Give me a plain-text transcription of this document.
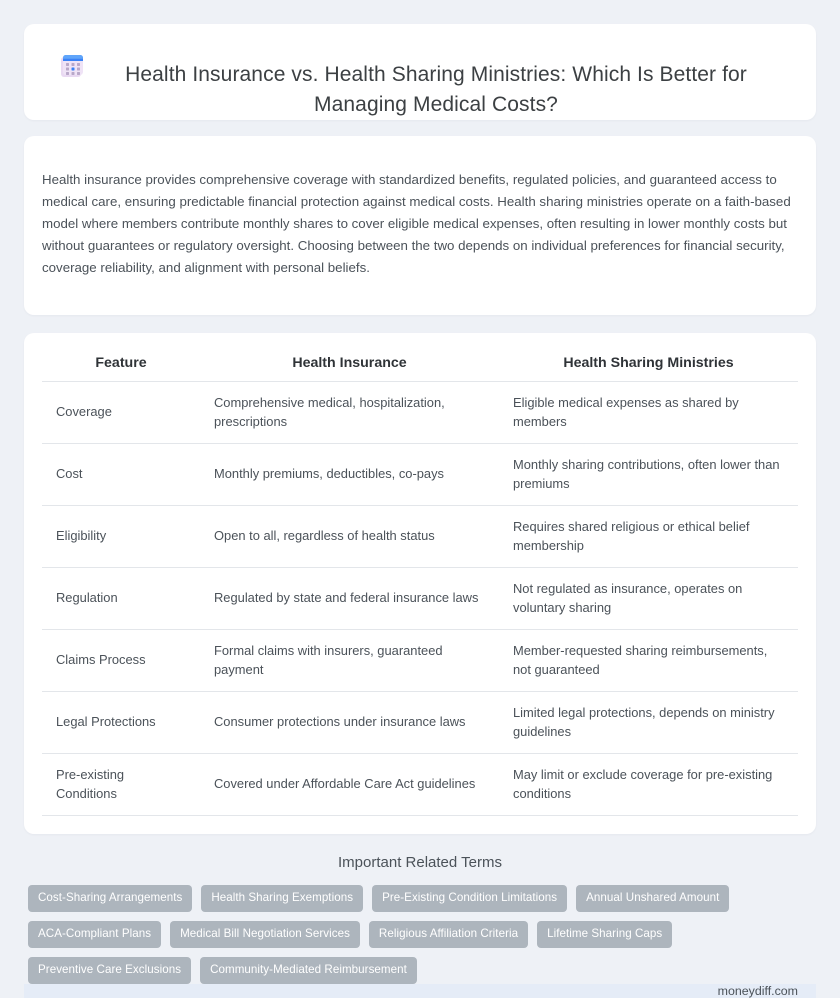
Health Insurance vs. Health Sharing Ministries: Which Is Better for Managing Medical Costs?

Health insurance provides comprehensive coverage with standardized benefits, regulated policies, and guaranteed access to medical care, ensuring predictable financial protection against medical costs. Health sharing ministries operate on a faith-based model where members contribute monthly shares to cover eligible medical expenses, often resulting in lower monthly costs but without guarantees or regulatory oversight. Choosing between the two depends on individual preferences for financial security, coverage reliability, and alignment with personal beliefs.

Feature	Health Insurance	Health Sharing Ministries
Coverage	Comprehensive medical, hospitalization, prescriptions	Eligible medical expenses as shared by members
Cost	Monthly premiums, deductibles, co-pays	Monthly sharing contributions, often lower than premiums
Eligibility	Open to all, regardless of health status	Requires shared religious or ethical belief membership
Regulation	Regulated by state and federal insurance laws	Not regulated as insurance, operates on voluntary sharing
Claims Process	Formal claims with insurers, guaranteed payment	Member-requested sharing reimbursements, not guaranteed
Legal Protections	Consumer protections under insurance laws	Limited legal protections, depends on ministry guidelines
Pre-existing Conditions	Covered under Affordable Care Act guidelines	May limit or exclude coverage for pre-existing conditions
Important Related Terms
Cost-Sharing Arrangements	Health Sharing Exemptions	Pre-Existing Condition Limitations	Annual Unshared Amount
ACA-Compliant Plans	Medical Bill Negotiation Services	Religious Affiliation Criteria	Lifetime Sharing Caps
Preventive Care Exclusions	Community-Mediated Reimbursement
moneydiff.com
